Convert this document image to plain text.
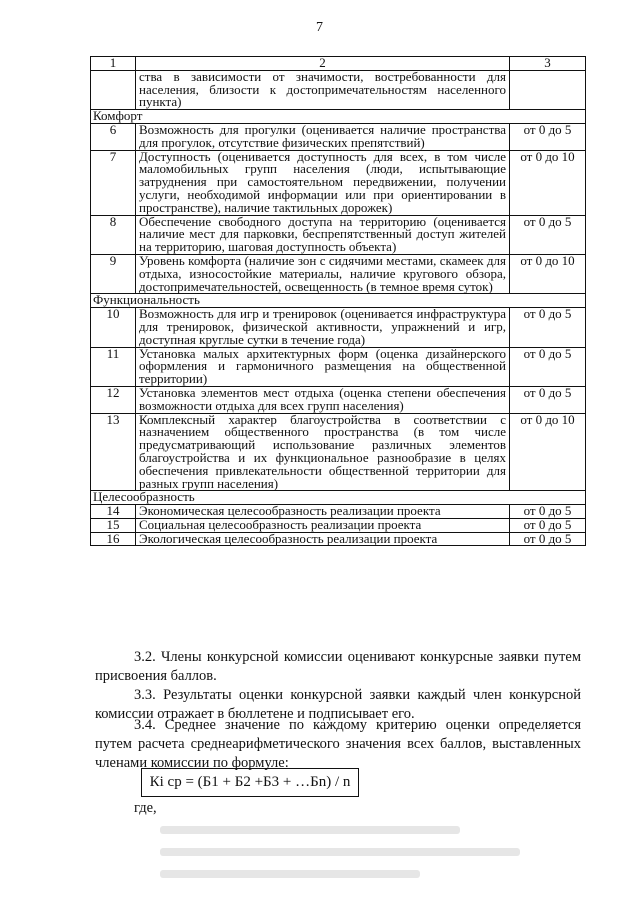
7
1	2	3
	ства в зависимости от значимости, востребованности для населения, близости к достопримечательностям населенного пункта)	
Комфорт		
6	Возможность для прогулки (оценивается наличие пространства для прогулок, отсутствие физических препятствий)	от 0 до 5
7	Доступность (оценивается доступность для всех, в том числе маломобильных групп населения (люди, испытывающие затруднения при самостоятельном передвижении, получении услуги, необходимой информации или при ориентировании в пространстве), наличие тактильных дорожек)	от 0 до 10
8	Обеспечение свободного доступа на территорию (оценивается наличие мест для парковки, беспрепятственный доступ жителей на территорию, шаговая доступность объекта)	от 0 до 5
9	Уровень комфорта (наличие зон с сидячими местами, скамеек для отдыха, износостойкие материалы, наличие кругового обзора, достопримечательностей, освещенность (в темное время суток)	от 0 до 10
Функциональность		
10	Возможность для игр и тренировок (оценивается инфраструктура для тренировок, физической активности, упражнений и игр, доступная круглые сутки в течение года)	от 0 до 5
11	Установка малых архитектурных форм (оценка дизайнерского оформления и гармоничного размещения на общественной территории)	от 0 до 5
12	Установка элементов мест отдыха (оценка степени обеспечения возможности отдыха для всех групп населения)	от 0 до 5
13	Комплексный характер благоустройства в соответствии с назначением общественного пространства (в том числе предусматривающий использование различных элементов благоустройства и их функциональное разнообразие в целях обеспечения привлекательности общественной территории для разных групп населения)	от 0 до 10
Целесообразность		
14	Экономическая целесообразность реализации проекта	от 0 до 5
15	Социальная целесообразность реализации проекта	от 0 до 5
16	Экологическая целесообразность реализации проекта	от 0 до 5
3.2. Члены конкурсной комиссии оценивают конкурсные заявки путем присвоения баллов.
3.3. Результаты оценки конкурсной заявки каждый член конкурсной комиссии отражает в бюллетене и подписывает его.
3.4. Среднее значение по каждому критерию оценки определяется путем расчета среднеарифметического значения всех баллов, выставленных членами комиссии по формуле:
Кi ср = (Б1 + Б2 +Б3 + …Бn) / n
где,
